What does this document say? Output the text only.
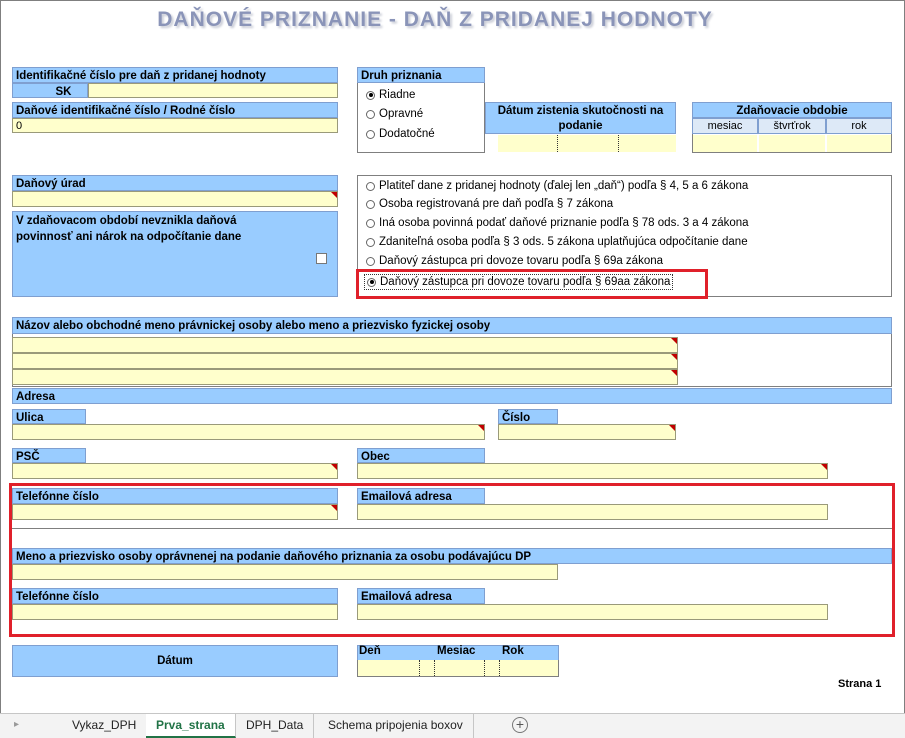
DAŇOVÉ PRIZNANIE - DAŇ Z PRIDANEJ HODNOTY
Identifikačné číslo pre daň z pridanej hodnoty
SK
Daňové identifikačné číslo / Rodné číslo
0
Druh priznania
Riadne
Opravné
Dodatočné
Dátum zistenia skutočnosti na podanie
Zdaňovacie obdobie
mesiac	štvrťrok	rok
Daňový úrad
V zdaňovacom období nevznikla daňová povinnosť ani nárok na odpočítanie dane
Platiteľ dane z pridanej hodnoty (ďalej len „daň“) podľa § 4, 5 a 6 zákona
Osoba registrovaná pre daň podľa § 7 zákona
Iná osoba povinná podať daňové priznanie podľa § 78 ods. 3 a 4 zákona
Zdaniteľná osoba podľa § 3 ods. 5 zákona uplatňujúca odpočítanie dane
Daňový zástupca pri dovoze tovaru podľa § 69a zákona
Daňový zástupca pri dovoze tovaru podľa § 69aa zákona
Názov alebo obchodné meno právnickej osoby alebo meno a priezvisko fyzickej osoby
Adresa
Ulica	Číslo
PSČ	Obec
Telefónne číslo	Emailová adresa
Meno a priezvisko osoby oprávnenej na podanie daňového priznania za osobu podávajúcu DP
Telefónne číslo	Emailová adresa
Dátum
Deň	Mesiac Rok
Strana 1
▸	Vykaz_DPH	Prva_strana	DPH_Data	Schema pripojenia boxov	+
